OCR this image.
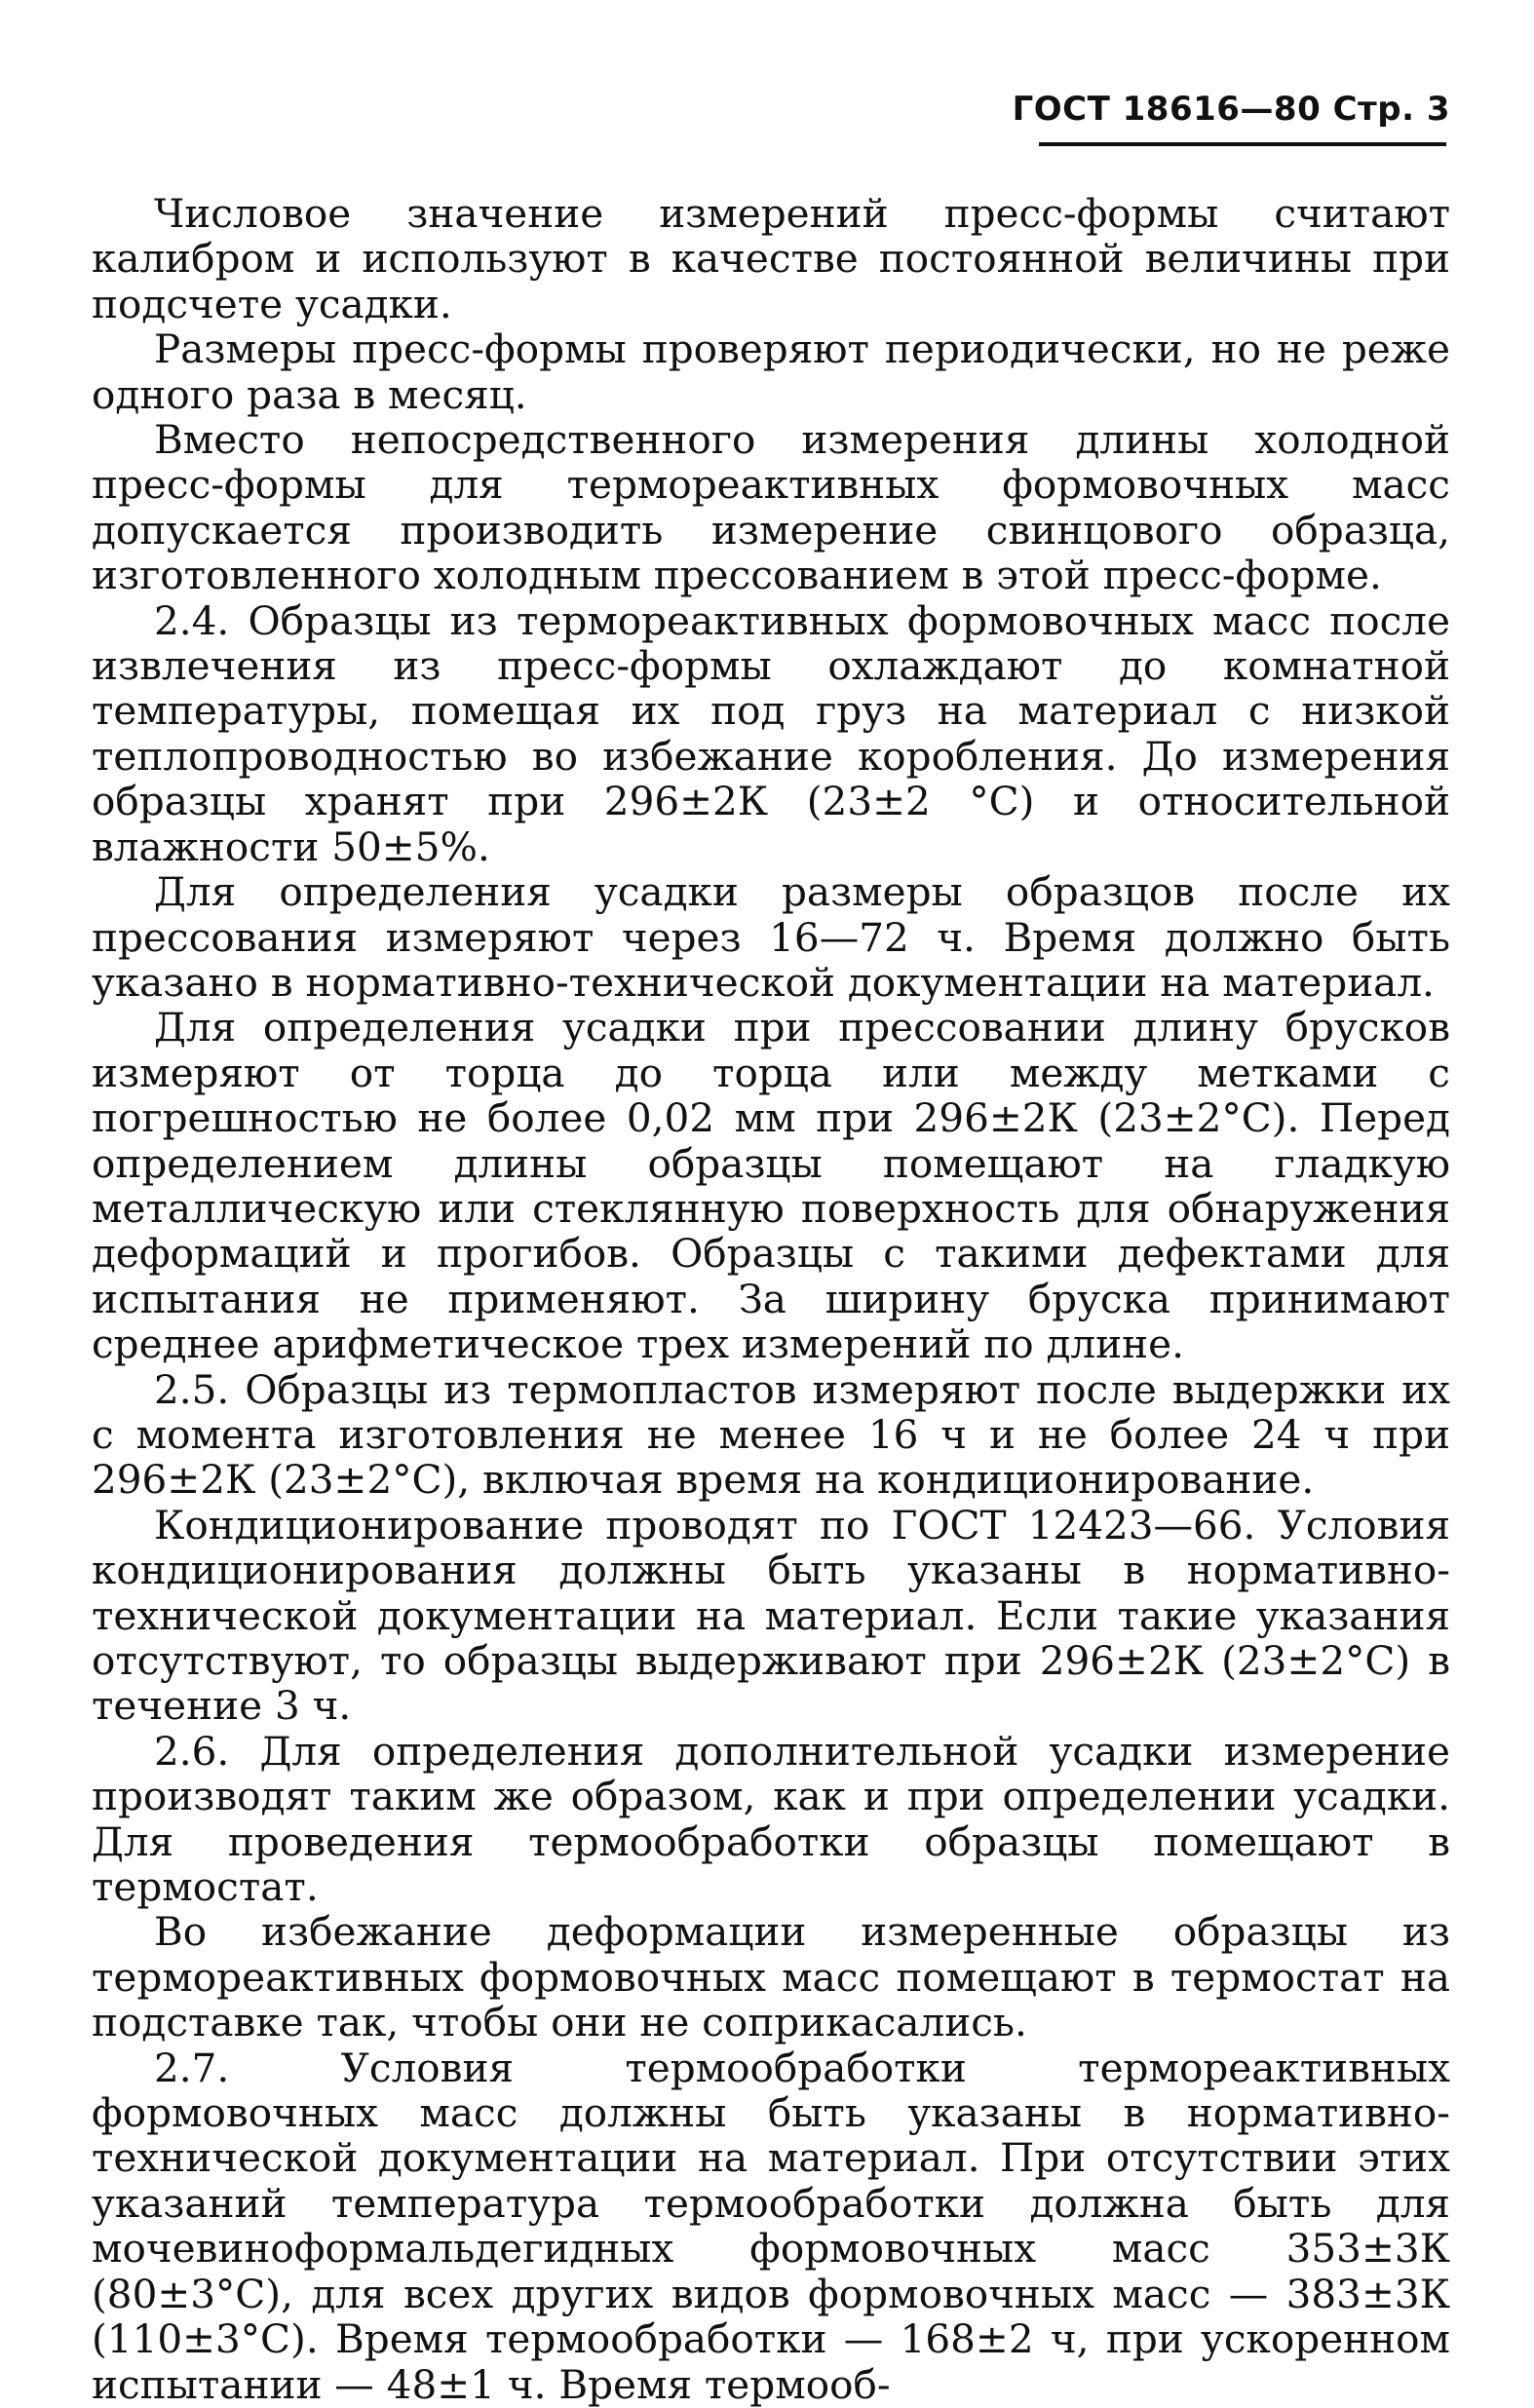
ГОСТ 18616—80 Стр. 3

Числовое значение измерений пресс-формы считают калибром и используют в качестве постоянной величины при подсчете усадки.

Размеры пресс-формы проверяют периодически, но не реже одного раза в месяц.

Вместо непосредственного измерения длины холодной пресс-формы для термореактивных формовочных масс допускается производить измерение свинцового образца, изготовленного холодным прессованием в этой пресс-форме.

2.4. Образцы из термореактивных формовочных масс после извлечения из пресс-формы охлаждают до комнатной температуры, помещая их под груз на материал с низкой теплопроводностью во избежание коробления. До измерения образцы хранят при 296±2К (23±2 °С) и относительной влажности 50±5%.

Для определения усадки размеры образцов после их прессования измеряют через 16—72 ч. Время должно быть указано в нормативно-технической документации на материал.

Для определения усадки при прессовании длину брусков измеряют от торца до торца или между метками с погрешностью не более 0,02 мм при 296±2К (23±2°С). Перед определением длины образцы помещают на гладкую металлическую или стеклянную поверхность для обнаружения деформаций и прогибов. Образцы с такими дефектами для испытания не применяют. За ширину бруска принимают среднее арифметическое трех измерений по длине.

2.5. Образцы из термопластов измеряют после выдержки их с момента изготовления не менее 16 ч и не более 24 ч при 296±2К (23±2°С), включая время на кондиционирование.

Кондиционирование проводят по ГОСТ 12423—66. Условия кондиционирования должны быть указаны в нормативно-технической документации на материал. Если такие указания отсутствуют, то образцы выдерживают при 296±2К (23±2°С) в течение 3 ч.

2.6. Для определения дополнительной усадки измерение производят таким же образом, как и при определении усадки. Для проведения термообработки образцы помещают в термостат.

Во избежание деформации измеренные образцы из термореактивных формовочных масс помещают в термостат на подставке так, чтобы они не соприкасались.

2.7. Условия термообработки термореактивных формовочных масс должны быть указаны в нормативно-технической документации на материал. При отсутствии этих указаний температура термообработки должна быть для мочевиноформальдегидных формовочных масс 353±3К (80±3°С), для всех других видов формовочных масс — 383±3К (110±3°С). Время термообработки — 168±2 ч, при ускоренном испытании — 48±1 ч. Время термооб-
